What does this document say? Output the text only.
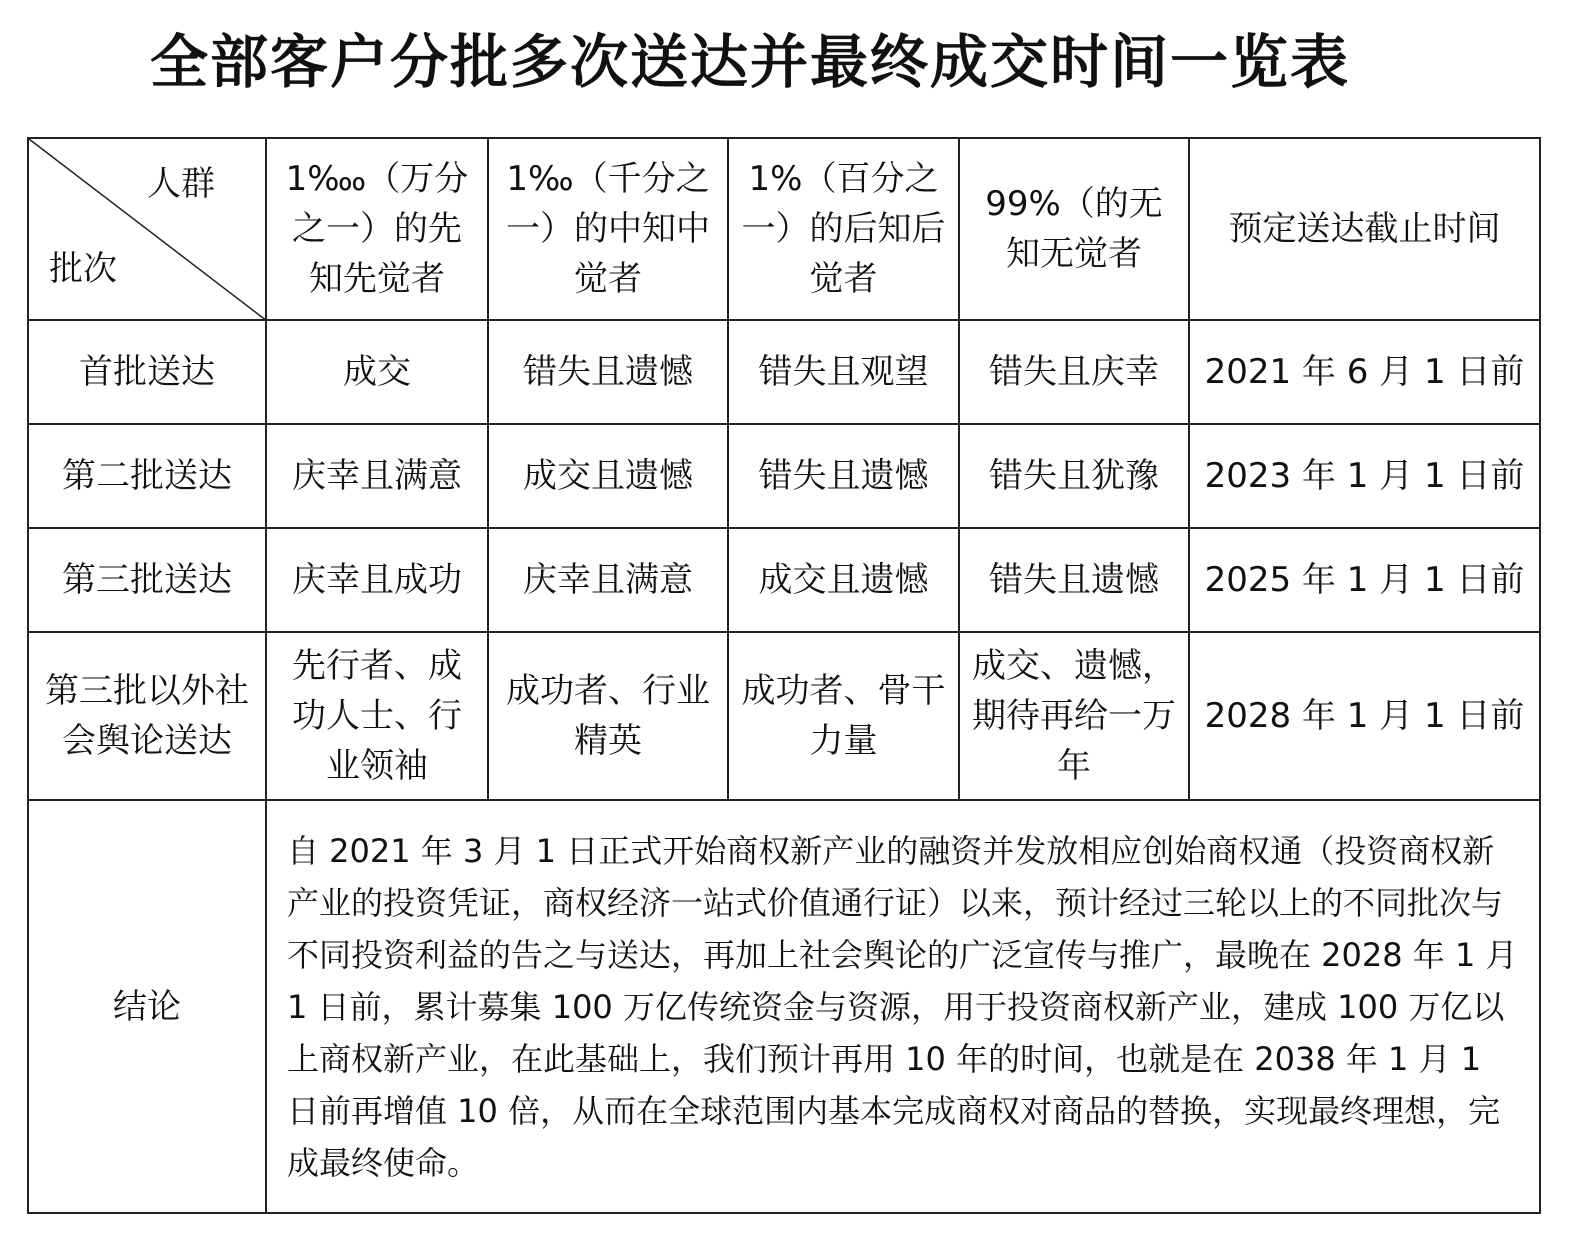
全部客户分批多次送达并最终成交时间一览表
人群
批次	1‱（万分之一）的先知先觉者	1‰（千分之一）的中知中觉者	1%（百分之一）的后知后觉者	99%（的无知无觉者	预定送达截止时间
首批送达	成交	错失且遗憾	错失且观望	错失且庆幸	2021 年 6 月 1 日前
第二批送达	庆幸且满意	成交且遗憾	错失且遗憾	错失且犹豫	2023 年 1 月 1 日前
第三批送达	庆幸且成功	庆幸且满意	成交且遗憾	错失且遗憾	2025 年 1 月 1 日前
第三批以外社会舆论送达	先行者、成功人士、行业领袖	成功者、行业精英	成功者、骨干力量	成交、遗憾，期待再给一万年	2028 年 1 月 1 日前
结论	自 2021 年 3 月 1 日正式开始商权新产业的融资并发放相应创始商权通（投资商权新产业的投资凭证，商权经济一站式价值通行证）以来，预计经过三轮以上的不同批次与不同投资利益的告之与送达，再加上社会舆论的广泛宣传与推广，最晚在 2028 年 1 月 1 日前，累计募集 100 万亿传统资金与资源，用于投资商权新产业，建成 100 万亿以上商权新产业，在此基础上，我们预计再用 10 年的时间，也就是在 2038 年 1 月 1 日前再增值 10 倍，从而在全球范围内基本完成商权对商品的替换，实现最终理想，完成最终使命。				
